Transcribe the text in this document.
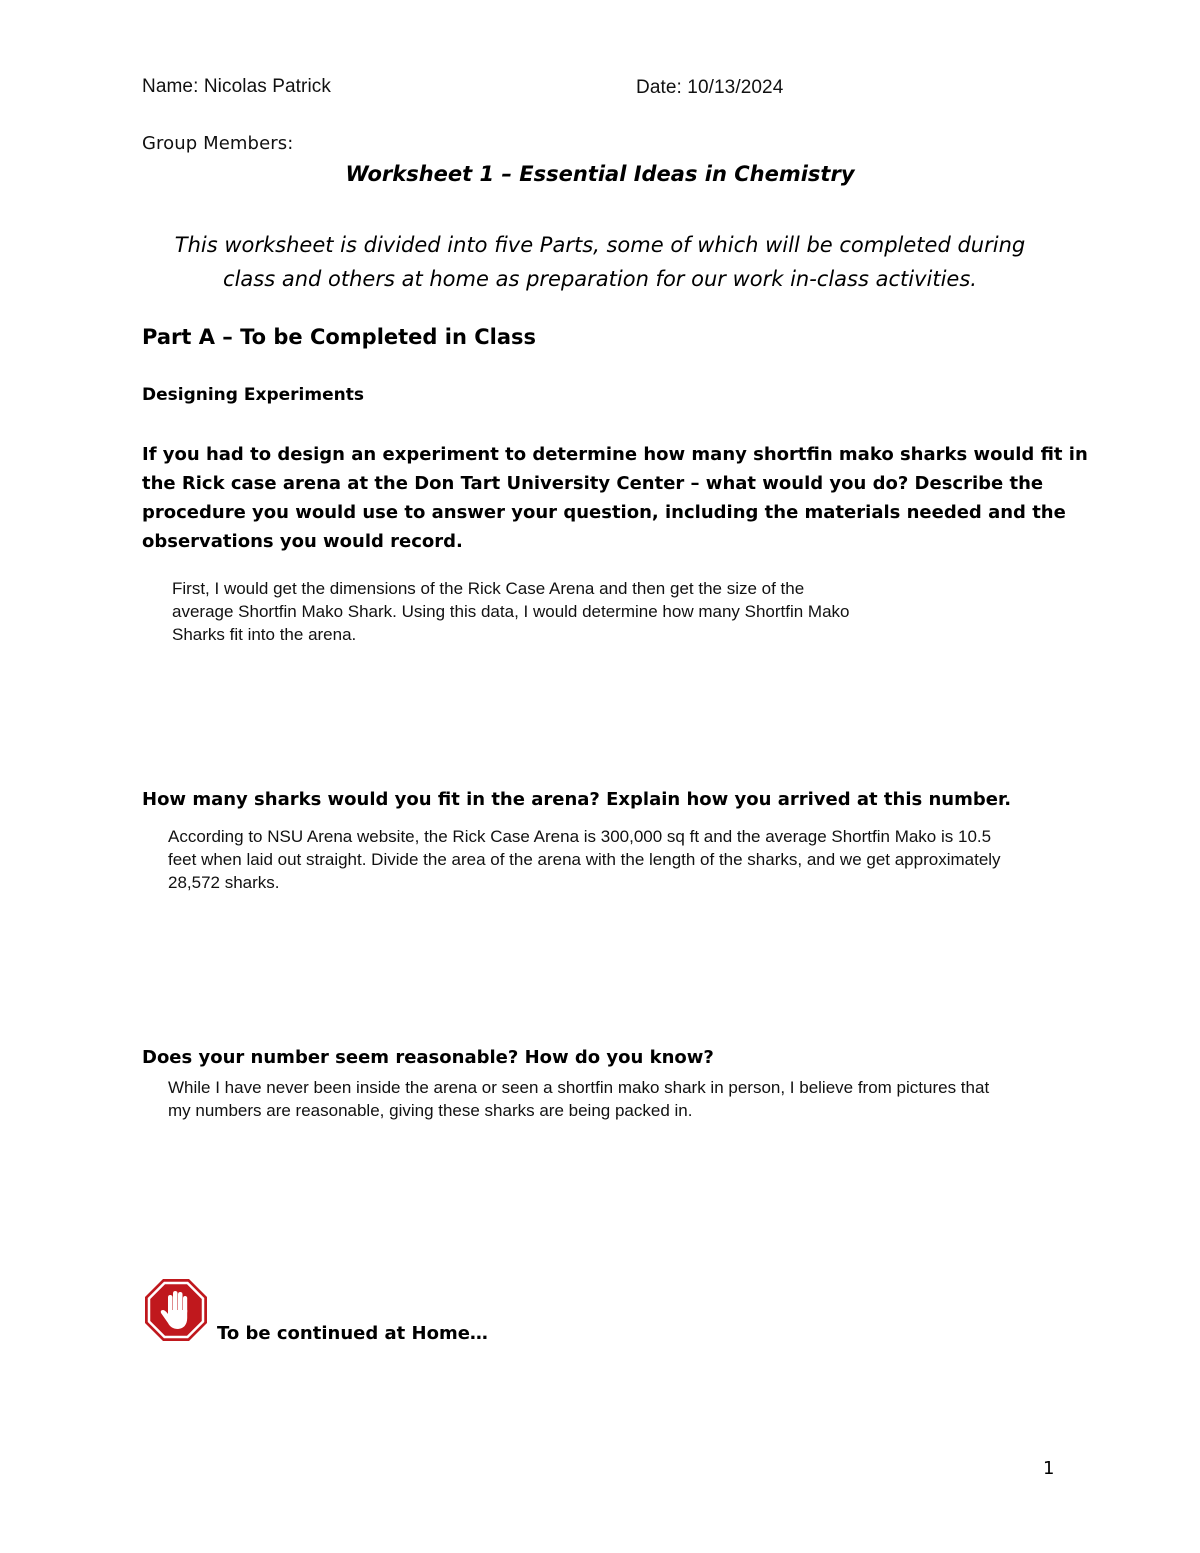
Name: Nicolas Patrick	Date: 10/13/2024

Group Members:

Worksheet 1 – Essential Ideas in Chemistry

This worksheet is divided into five Parts, some of which will be completed during
class and others at home as preparation for our work in-class activities.

Part A – To be Completed in Class

Designing Experiments

If you had to design an experiment to determine how many shortfin mako sharks would fit in
the Rick case arena at the Don Tart University Center – what would you do? Describe the
procedure you would use to answer your question, including the materials needed and the
observations you would record.
First, I would get the dimensions of the Rick Case Arena and then get the size of the
average Shortfin Mako Shark. Using this data, I would determine how many Shortfin Mako
Sharks fit into the arena.

How many sharks would you fit in the arena? Explain how you arrived at this number.

According to NSU Arena website, the Rick Case Arena is 300,000 sq ft and the average Shortfin Mako is 10.5
feet when laid out straight. Divide the area of the arena with the length of the sharks, and we get approximately
28,572 sharks.

Does your number seem reasonable? How do you know?

While I have never been inside the arena or seen a shortfin mako shark in person, I believe from pictures that
my numbers are reasonable, giving these sharks are being packed in.

To be continued at Home…

1
